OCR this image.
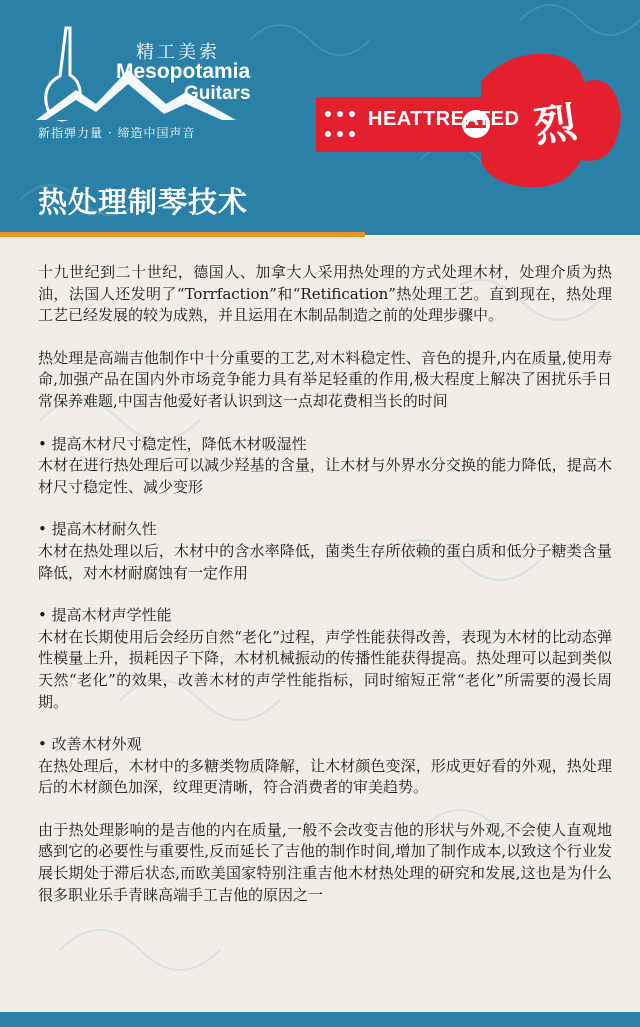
精工美索
Mesopotamia
Guitars
新指弹力量 · 缔造中国声音
HEATTREATED 烈
热处理制琴技术

十九世纪到二十世纪，德国人、加拿大人采用热处理的方式处理木材，处理介质为热油，法国人还发明了“Torrfaction”和“Retification”热处理工艺。直到现在，热处理工艺已经发展的较为成熟，并且运用在木制品制造之前的处理步骤中。

热处理是高端吉他制作中十分重要的工艺,对木料稳定性、音色的提升,内在质量,使用寿命,加强产品在国内外市场竞争能力具有举足轻重的作用,极大程度上解决了困扰乐手日常保养难题,中国吉他爱好者认识到这一点却花费相当长的时间

• 提高木材尺寸稳定性，降低木材吸湿性
木材在进行热处理后可以减少羟基的含量，让木材与外界水分交换的能力降低，提高木材尺寸稳定性、减少变形
• 提高木材耐久性
木材在热处理以后，木材中的含水率降低，菌类生存所依赖的蛋白质和低分子糖类含量降低，对木材耐腐蚀有一定作用
• 提高木材声学性能
木材在长期使用后会经历自然“老化”过程，声学性能获得改善，表现为木材的比动态弹性模量上升，损耗因子下降，木材机械振动的传播性能获得提高。热处理可以起到类似天然“老化”的效果，改善木材的声学性能指标，同时缩短正常“老化”所需要的漫长周期。
• 改善木材外观
在热处理后，木材中的多糖类物质降解，让木材颜色变深，形成更好看的外观，热处理后的木材颜色加深，纹理更清晰，符合消费者的审美趋势。

由于热处理影响的是吉他的内在质量,一般不会改变吉他的形状与外观,不会使人直观地感到它的必要性与重要性,反而延长了吉他的制作时间,增加了制作成本,以致这个行业发展长期处于滞后状态,而欧美国家特别注重吉他木材热处理的研究和发展,这也是为什么很多职业乐手青睐高端手工吉他的原因之一
